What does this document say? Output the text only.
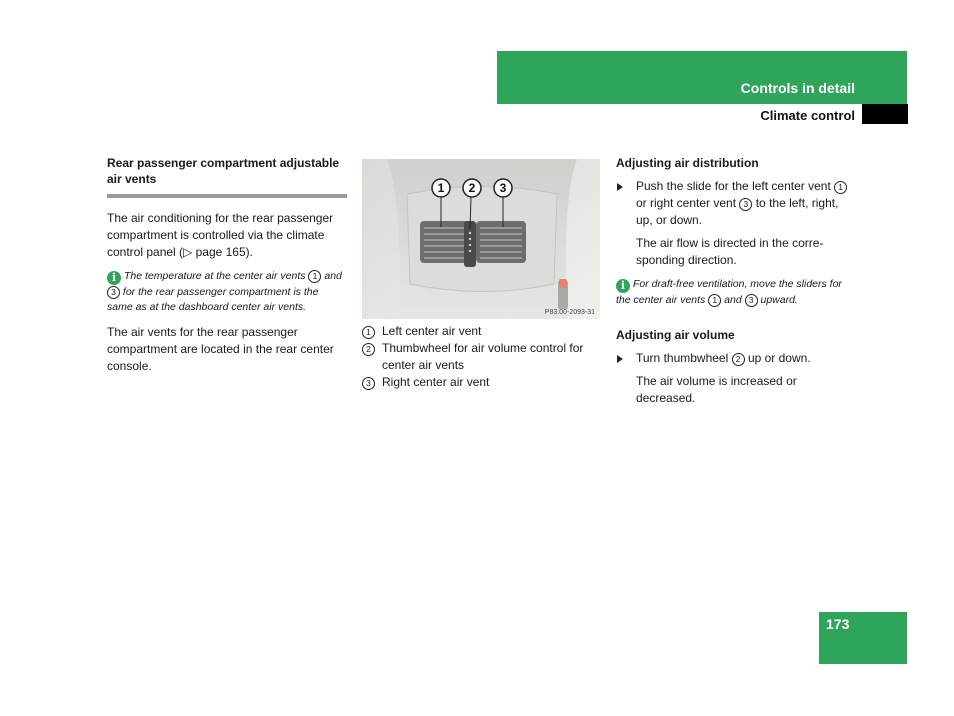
Controls in detail
Climate control

Rear passenger compartment adjustable air vents

The air conditioning for the rear passenger compartment is controlled via the climate control panel (▷ page 165).

i The temperature at the center air vents 1 and 3 for the rear passenger compartment is the same as at the dashboard center air vents.

The air vents for the rear passenger compartment are located in the rear center console.

1 2 3
P83.00-2093-31
1 Left center air vent
2 Thumbwheel for air volume control for center air vents
3 Right center air vent

Adjusting air distribution

Push the slide for the left center vent 1 or right center vent 3 to the left, right, up, or down.
The air flow is directed in the corre-sponding direction.

i For draft-free ventilation, move the sliders for the center air vents 1 and 3 upward.

Adjusting air volume

Turn thumbwheel 2 up or down.
The air volume is increased or decreased.
173
